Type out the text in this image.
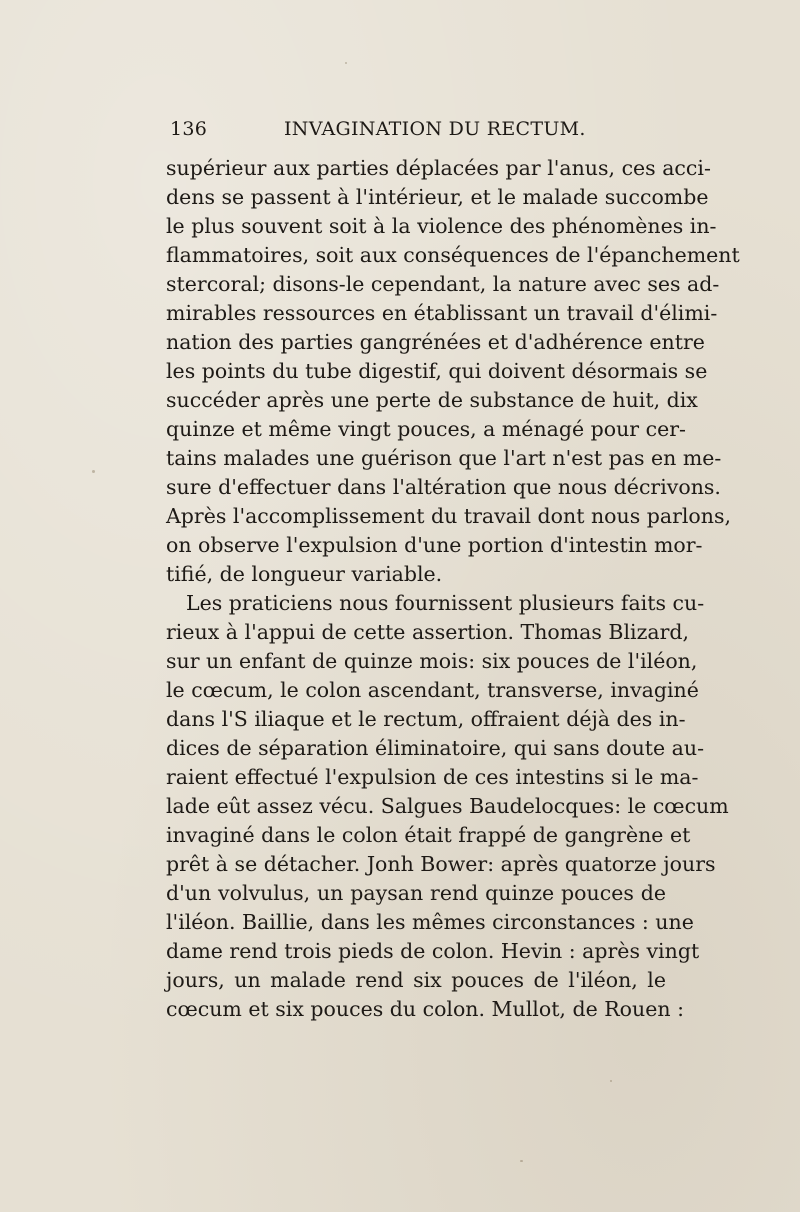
136	INVAGINATION DU RECTUM.
supérieur aux parties déplacées par l'anus, ces acci-
dens se passent à l'intérieur, et le malade succombe
le plus souvent soit à la violence des phénomènes in-
flammatoires, soit aux conséquences de l'épanchement
stercoral; disons-le cependant, la nature avec ses ad-
mirables ressources en établissant un travail d'élimi-
nation des parties gangrénées et d'adhérence entre
les points du tube digestif, qui doivent désormais se
succéder après une perte de substance de huit, dix
quinze et même vingt pouces, a ménagé pour cer-
tains malades une guérison que l'art n'est pas en me-
sure d'effectuer dans l'altération que nous décrivons.
Après l'accomplissement du travail dont nous parlons,
on observe l'expulsion d'une portion d'intestin mor-
tifié, de longueur variable.
Les praticiens nous fournissent plusieurs faits cu-
rieux à l'appui de cette assertion. Thomas Blizard,
sur un enfant de quinze mois: six pouces de l'iléon,
le cœcum, le colon ascendant, transverse, invaginé
dans l'S iliaque et le rectum, offraient déjà des in-
dices de séparation éliminatoire, qui sans doute au-
raient effectué l'expulsion de ces intestins si le ma-
lade eût assez vécu. Salgues Baudelocques: le cœcum
invaginé dans le colon était frappé de gangrène et
prêt à se détacher. Jonh Bower: après quatorze jours
d'un volvulus, un paysan rend quinze pouces de
l'iléon. Baillie, dans les mêmes circonstances : une
dame rend trois pieds de colon. Hevin : après vingt
jours, un malade rend six pouces de l'iléon, le
cœcum et six pouces du colon. Mullot, de Rouen :
